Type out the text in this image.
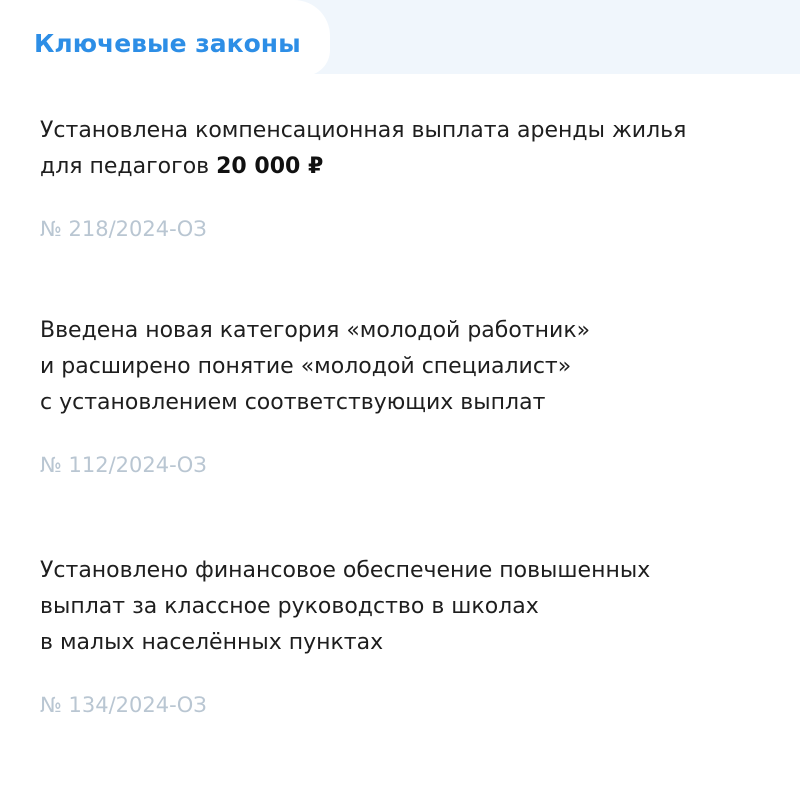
Ключевые законы

Установлена компенсационная выплата аренды жилья
для педагогов 20 000 ₽

№ 218/2024-ОЗ

Введена новая категория «молодой работник»
и расширено понятие «молодой специалист»
с установлением соответствующих выплат

№ 112/2024-ОЗ

Установлено финансовое обеспечение повышенных
выплат за классное руководство в школах
в малых населённых пунктах

№ 134/2024-ОЗ
